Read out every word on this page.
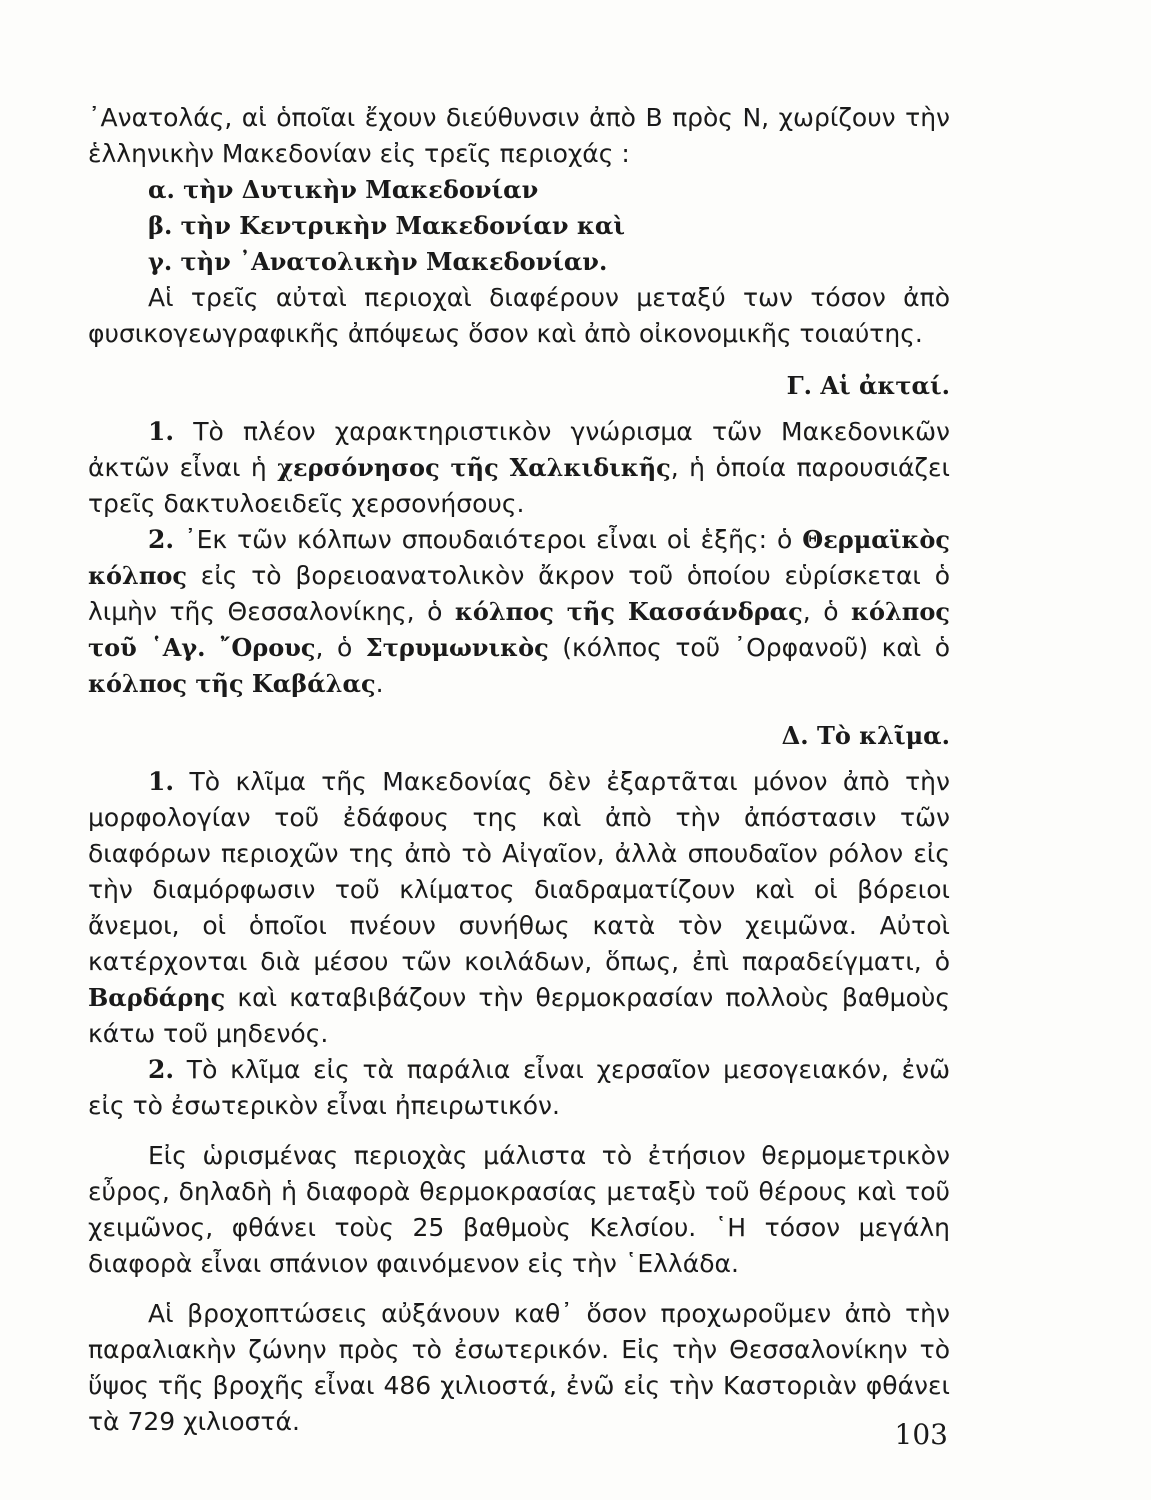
᾿Ανατολάς, αἱ ὁποῖαι ἔχουν διεύθυνσιν ἀπὸ Β πρὸς Ν, χωρίζουν τὴν ἑλληνικὴν Μακεδονίαν εἰς τρεῖς περιοχάς :

α. τὴν Δυτικὴν Μακεδονίαν
β. τὴν Κεντρικὴν Μακεδονίαν καὶ
γ. τὴν ᾿Ανατολικὴν Μακεδονίαν.

Αἱ τρεῖς αὐταὶ περιοχαὶ διαφέρουν μεταξύ των τόσον ἀπὸ φυσικογεωγραφικῆς ἀπόψεως ὅσον καὶ ἀπὸ οἰκονομικῆς τοιαύτης.

Γ. Αἱ ἀκταί.

1. Τὸ πλέον χαρακτηριστικὸν γνώρισμα τῶν Μακεδονικῶν ἀκτῶν εἶναι ἡ χερσόνησος τῆς Χαλκιδικῆς, ἡ ὁποία παρουσιάζει τρεῖς δακτυλοειδεῖς χερσονήσους.

2. ᾿Εκ τῶν κόλπων σπουδαιότεροι εἶναι οἱ ἑξῆς: ὁ Θερμαϊκὸς κόλπος εἰς τὸ βορειοανατολικὸν ἄκρον τοῦ ὁποίου εὑρίσκεται ὁ λιμὴν τῆς Θεσσαλονίκης, ὁ κόλπος τῆς Κασσάνδρας, ὁ κόλπος τοῦ ῾Αγ. ῎Ορους, ὁ Στρυμωνικὸς (κόλπος τοῦ ᾿Ορφανοῦ) καὶ ὁ κόλπος τῆς Καβάλας.

Δ. Τὸ κλῖμα.

1. Τὸ κλῖμα τῆς Μακεδονίας δὲν ἐξαρτᾶται μόνον ἀπὸ τὴν μορφολογίαν τοῦ ἐδάφους της καὶ ἀπὸ τὴν ἀπόστασιν τῶν διαφόρων περιοχῶν της ἀπὸ τὸ Αἰγαῖον, ἀλλὰ σπουδαῖον ρόλον εἰς τὴν διαμόρφωσιν τοῦ κλίματος διαδραματίζουν καὶ οἱ βόρειοι ἄνεμοι, οἱ ὁποῖοι πνέουν συνήθως κατὰ τὸν χειμῶνα. Αὐτοὶ κατέρχονται διὰ μέσου τῶν κοιλάδων, ὅπως, ἐπὶ παραδείγματι, ὁ Βαρδάρης καὶ καταβιβάζουν τὴν θερμοκρασίαν πολλοὺς βαθμοὺς κάτω τοῦ μηδενός.

2. Τὸ κλῖμα εἰς τὰ παράλια εἶναι χερσαῖον μεσογειακόν, ἐνῶ εἰς τὸ ἐσωτερικὸν εἶναι ἠπειρωτικόν.

Εἰς ὡρισμένας περιοχὰς μάλιστα τὸ ἐτήσιον θερμομετρικὸν εὖρος, δηλαδὴ ἡ διαφορὰ θερμοκρασίας μεταξὺ τοῦ θέρους καὶ τοῦ χειμῶνος, φθάνει τοὺς 25 βαθμοὺς Κελσίου. ῾Η τόσον μεγάλη διαφορὰ εἶναι σπάνιον φαινόμενον εἰς τὴν ῾Ελλάδα.

Αἱ βροχοπτώσεις αὐξάνουν καθ᾿ ὅσον προχωροῦμεν ἀπὸ τὴν παραλιακὴν ζώνην πρὸς τὸ ἐσωτερικόν. Εἰς τὴν Θεσσαλονίκην τὸ ὕψος τῆς βροχῆς εἶναι 486 χιλιοστά, ἐνῶ εἰς τὴν Καστοριὰν φθάνει τὰ 729 χιλιοστά.	103
